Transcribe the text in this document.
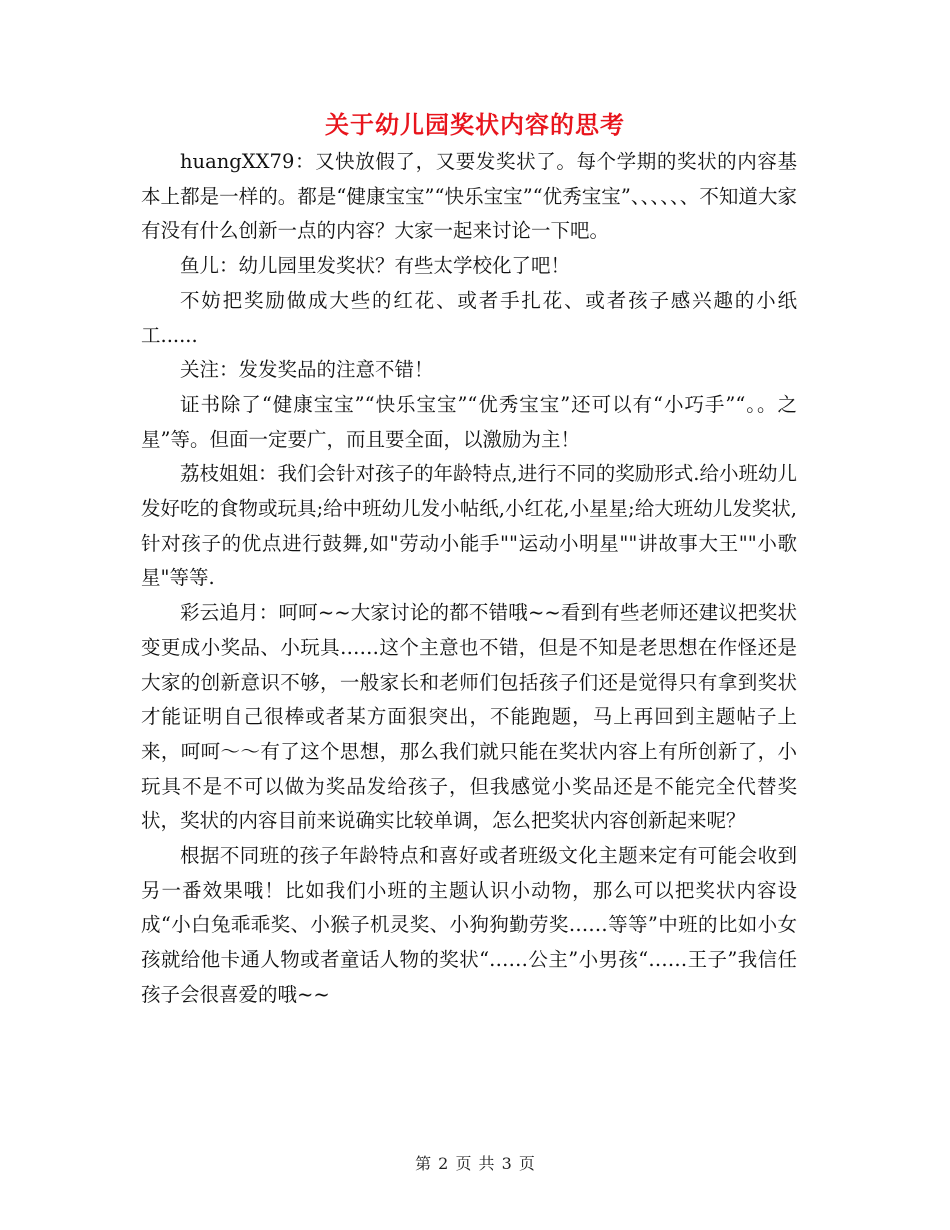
关于幼儿园奖状内容的思考

huangXX79：又快放假了，又要发奖状了。每个学期的奖状的内容基本上都是一样的。都是“健康宝宝”“快乐宝宝”“优秀宝宝”、、、、、、不知道大家有没有什么创新一点的内容？大家一起来讨论一下吧。

鱼儿：幼儿园里发奖状？有些太学校化了吧！

不妨把奖励做成大些的红花、或者手扎花、或者孩子感兴趣的小纸工......

关注：发发奖品的注意不错！

证书除了“健康宝宝”“快乐宝宝”“优秀宝宝”还可以有“小巧手”“。。之星”等。但面一定要广，而且要全面，以激励为主！

荔枝姐姐：我们会针对孩子的年龄特点,进行不同的奖励形式.给小班幼儿发好吃的食物或玩具;给中班幼儿发小帖纸,小红花,小星星;给大班幼儿发奖状,针对孩子的优点进行鼓舞,如"劳动小能手""运动小明星""讲故事大王""小歌星"等等.

彩云追月：呵呵~~大家讨论的都不错哦~~看到有些老师还建议把奖状变更成小奖品、小玩具……这个主意也不错，但是不知是老思想在作怪还是大家的创新意识不够，一般家长和老师们包括孩子们还是觉得只有拿到奖状才能证明自己很棒或者某方面狠突出，不能跑题，马上再回到主题帖子上来，呵呵～～有了这个思想，那么我们就只能在奖状内容上有所创新了，小玩具不是不可以做为奖品发给孩子，但我感觉小奖品还是不能完全代替奖状，奖状的内容目前来说确实比较单调，怎么把奖状内容创新起来呢？

根据不同班的孩子年龄特点和喜好或者班级文化主题来定有可能会收到另一番效果哦！比如我们小班的主题认识小动物，那么可以把奖状内容设成“小白兔乖乖奖、小猴子机灵奖、小狗狗勤劳奖……等等”中班的比如小女孩就给他卡通人物或者童话人物的奖状“……公主”小男孩“……王子”我信任孩子会很喜爱的哦~~

第 2 页 共 3 页
